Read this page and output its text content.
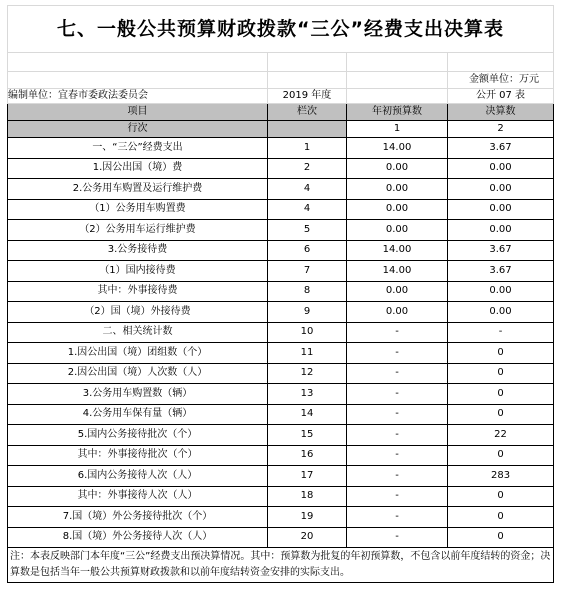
七、一般公共预算财政拨款“三公”经费支出决算表			

			金额单位：万元
编制单位：宜春市委政法委员会	2019 年度		公开 07 表
项目	栏次	年初预算数	决算数
行次		1	2
一、“三公”经费支出	1	14.00	3.67
1.因公出国（境）费	2	0.00	0.00
2.公务用车购置及运行维护费	4	0.00	0.00
（1）公务用车购置费	4	0.00	0.00
（2）公务用车运行维护费	5	0.00	0.00
3.公务接待费	6	14.00	3.67
（1）国内接待费	7	14.00	3.67
其中：外事接待费	8	0.00	0.00
（2）国（境）外接待费	9	0.00	0.00
二、相关统计数	10	-	-
1.因公出国（境）团组数（个）	11	-	0
2.因公出国（境）人次数（人）	12	-	0
3.公务用车购置数（辆）	13	-	0
4.公务用车保有量（辆）	14	-	0
5.国内公务接待批次（个）	15	-	22
其中：外事接待批次（个）	16	-	0
6.国内公务接待人次（人）	17	-	283
其中：外事接待人次（人）	18	-	0
7.国（境）外公务接待批次（个）	19	-	0
8.国（境）外公务接待人次（人）	20	-	0
注：本表反映部门本年度“三公”经费支出预决算情况。其中：预算数为批复的年初预算数，不包含以前年度结转的资金；决算数是包括当年一般公共预算财政拨款和以前年度结转资金安排的实际支出。			
